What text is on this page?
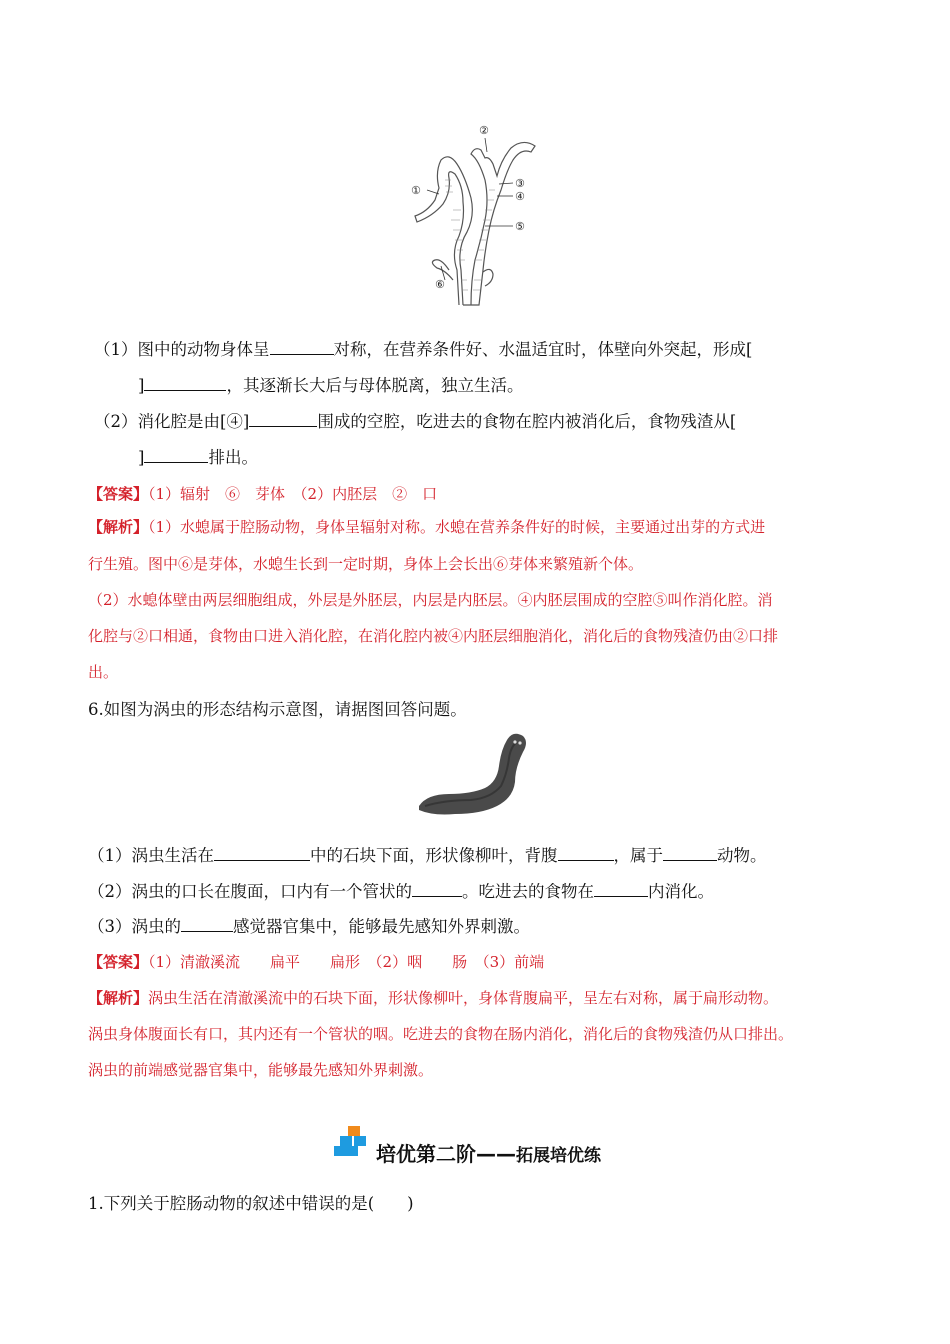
①
②
③
④
⑤
⑥
（1）图中的动物身体呈	对称，在营养条件好、水温适宜时，体壁向外突起，形成[
]	，其逐渐长大后与母体脱离，独立生活。
（2）消化腔是由[④]	围成的空腔，吃进去的食物在腔内被消化后，食物残渣从[
]	排出。
【答案】（1）辐射　⑥　芽体　（2）内胚层　②　口
【解析】（1）水螅属于腔肠动物，身体呈辐射对称。水螅在营养条件好的时候，主要通过出芽的方式进
行生殖。图中⑥是芽体，水螅生长到一定时期，身体上会长出⑥芽体来繁殖新个体。
（2）水螅体壁由两层细胞组成，外层是外胚层，内层是内胚层。④内胚层围成的空腔⑤叫作消化腔。消
化腔与②口相通，食物由口进入消化腔，在消化腔内被④内胚层细胞消化，消化后的食物残渣仍由②口排
出。
6.如图为涡虫的形态结构示意图，请据图回答问题。
（1）涡虫生活在	中的石块下面，形状像柳叶，背腹	，属于	动物。
（2）涡虫的口长在腹面，口内有一个管状的	。吃进去的食物在	内消化。
（3）涡虫的	感觉器官集中，能够最先感知外界刺激。
【答案】（1）清澈溪流　　扁平　　扁形　（2）咽　　肠　（3）前端
【解析】涡虫生活在清澈溪流中的石块下面，形状像柳叶，身体背腹扁平，呈左右对称，属于扁形动物。
涡虫身体腹面长有口，其内还有一个管状的咽。吃进去的食物在肠内消化，消化后的食物残渣仍从口排出。
涡虫的前端感觉器官集中，能够最先感知外界刺激。
培优第二阶——拓展培优练
1.下列关于腔肠动物的叙述中错误的是(　　)
